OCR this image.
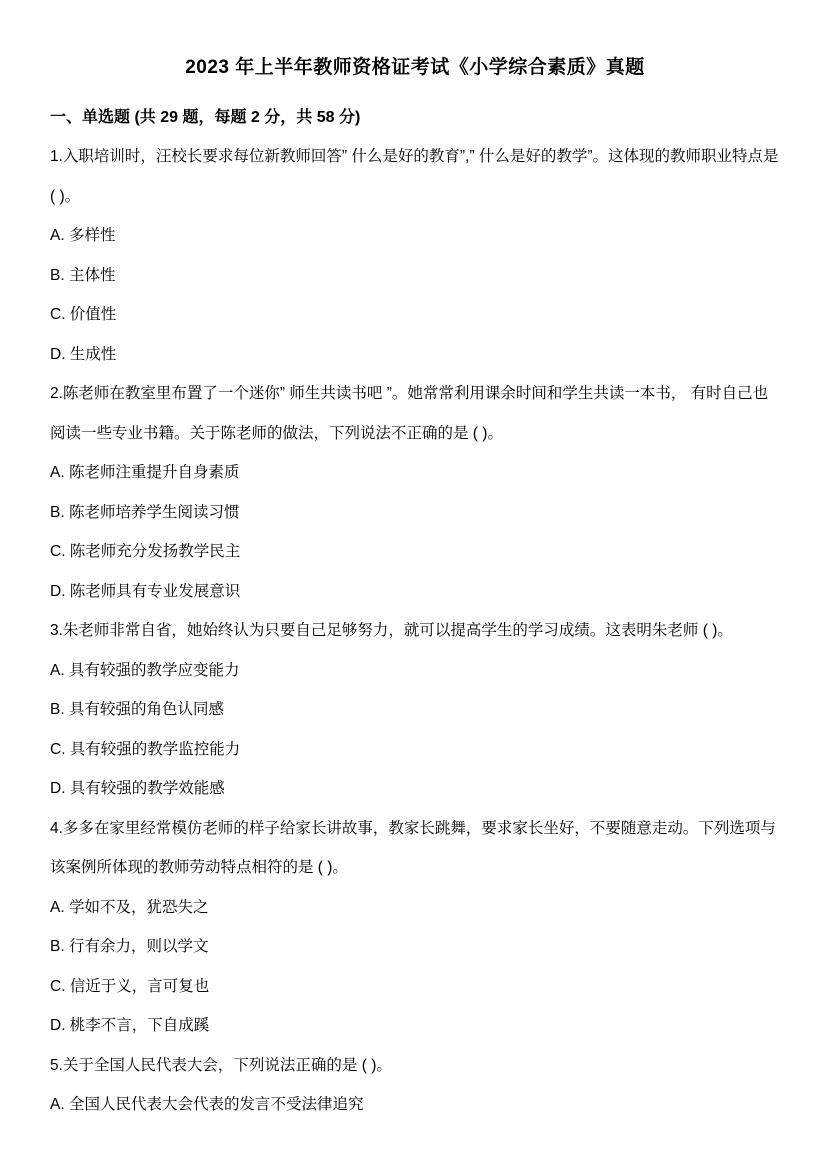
2023 年上半年教师资格证考试《小学综合素质》真题
一、单选题 (共 29 题，每题 2 分，共 58 分)

1.入职培训时，汪校长要求每位新教师回答” 什么是好的教育”,” 什么是好的教学”。这体现的教师职业特点是 ( )。

A. 多样性

B. 主体性

C. 价值性

D. 生成性

2.陈老师在教室里布置了一个迷你” 师生共读书吧 ”。她常常利用课余时间和学生共读一本书， 有时自己也阅读一些专业书籍。关于陈老师的做法，下列说法不正确的是 ( )。

A. 陈老师注重提升自身素质

B. 陈老师培养学生阅读习惯

C. 陈老师充分发扬教学民主

D. 陈老师具有专业发展意识

3.朱老师非常自省，她始终认为只要自己足够努力，就可以提高学生的学习成绩。这表明朱老师 ( )。

A. 具有较强的教学应变能力

B. 具有较强的角色认同感

C. 具有较强的教学监控能力

D. 具有较强的教学效能感

4.多多在家里经常模仿老师的样子给家长讲故事，教家长跳舞，要求家长坐好，不要随意走动。下列选项与该案例所体现的教师劳动特点相符的是 ( )。

A. 学如不及，犹恐失之

B. 行有余力，则以学文

C. 信近于义，言可复也

D. 桃李不言，下自成蹊

5.关于全国人民代表大会，下列说法正确的是 ( )。

A. 全国人民代表大会代表的发言不受法律追究
